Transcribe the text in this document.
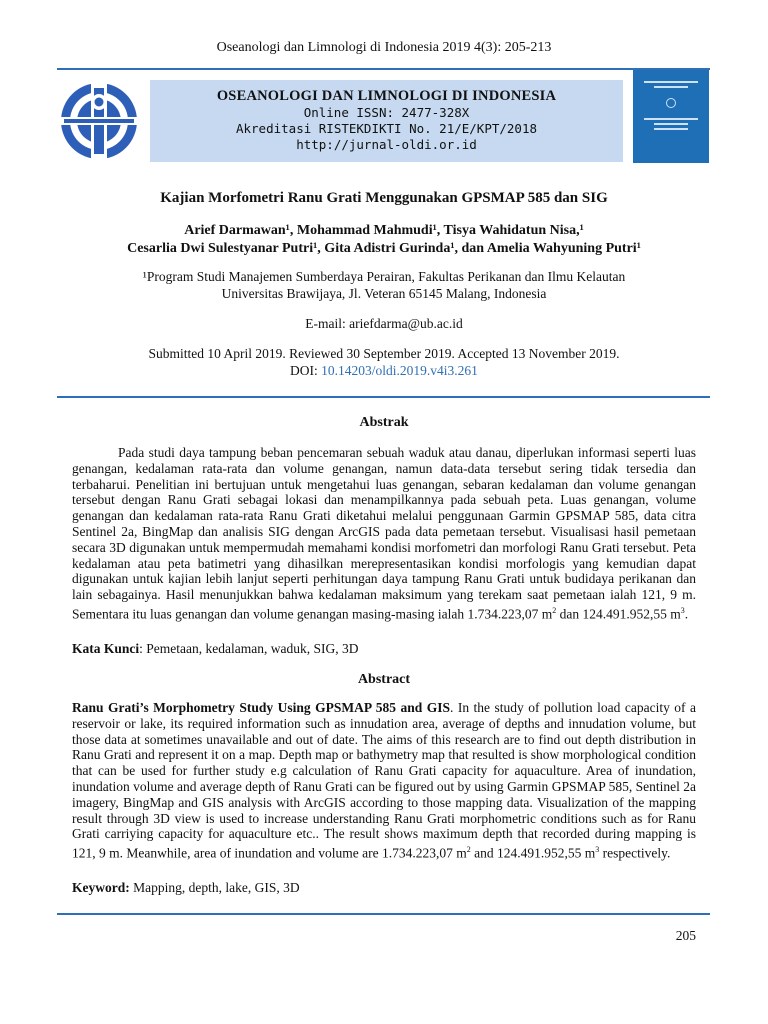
Oseanologi dan Limnologi di Indonesia 2019 4(3): 205-213
OSEANOLOGI DAN LIMNOLOGI DI INDONESIA
Online ISSN: 2477-328X
Akreditasi RISTEKDIKTI No. 21/E/KPT/2018
http://jurnal-oldi.or.id
Kajian Morfometri Ranu Grati Menggunakan GPSMAP 585 dan SIG
Arief Darmawan¹, Mohammad Mahmudi¹, Tisya Wahidatun Nisa,¹
Cesarlia Dwi Sulestyanar Putri¹, Gita Adistri Gurinda¹, dan Amelia Wahyuning Putri¹
¹Program Studi Manajemen Sumberdaya Perairan, Fakultas Perikanan dan Ilmu Kelautan
Universitas Brawijaya, Jl. Veteran 65145 Malang, Indonesia
E-mail: ariefdarma@ub.ac.id
Submitted 10 April 2019. Reviewed 30 September 2019. Accepted 13 November 2019.
DOI: 10.14203/oldi.2019.v4i3.261
Abstrak
Pada studi daya tampung beban pencemaran sebuah waduk atau danau, diperlukan informasi seperti luas genangan, kedalaman rata-rata dan volume genangan, namun data-data tersebut sering tidak tersedia dan terbaharui. Penelitian ini bertujuan untuk mengetahui luas genangan, sebaran kedalaman dan volume genangan tersebut dengan Ranu Grati sebagai lokasi dan menampilkannya pada sebuah peta. Luas genangan, volume genangan dan kedalaman rata-rata Ranu Grati diketahui melalui penggunaan Garmin GPSMAP 585, data citra Sentinel 2a, BingMap dan analisis SIG dengan ArcGIS pada data pemetaan tersebut. Visualisasi hasil pemetaan secara 3D digunakan untuk mempermudah memahami kondisi morfometri dan morfologi Ranu Grati tersebut. Peta kedalaman atau peta batimetri yang dihasilkan merepresentasikan kondisi morfologis yang kemudian dapat digunakan untuk kajian lebih lanjut seperti perhitungan daya tampung Ranu Grati untuk budidaya perikanan dan lain sebagainya. Hasil menunjukkan bahwa kedalaman maksimum yang terekam saat pemetaan ialah 121, 9 m. Sementara itu luas genangan dan volume genangan masing-masing ialah 1.734.223,07 $m^2$ dan 124.491.952,55 $m^3$.
Kata Kunci: Pemetaan, kedalaman, waduk, SIG, 3D
Abstract
Ranu Grati’s Morphometry Study Using GPSMAP 585 and GIS. In the study of pollution load capacity of a reservoir or lake, its required information such as innudation area, average of depths and innudation volume, but those data at sometimes unavailable and out of date. The aims of this research are to find out depth distribution in Ranu Grati and represent it on a map. Depth map or bathymetry map that resulted is show morphological condition that can be used for further study e.g calculation of Ranu Grati capacity for aquaculture. Area of inundation, inundation volume and average depth of Ranu Grati can be figured out by using Garmin GPSMAP 585, Sentinel 2a imagery, BingMap and GIS analysis with ArcGIS according to those mapping data. Visualization of the mapping result through 3D view is used to increase understanding Ranu Grati morphometric conditions such as for Ranu Grati carriying capacity for aquaculture etc.. The result shows maximum depth that recorded during mapping is 121, 9 m. Meanwhile, area of inundation and volume are 1.734.223,07 $m^2$ and 124.491.952,55 $m^3$ respectively.
Keyword: Mapping, depth, lake, GIS, 3D
205
